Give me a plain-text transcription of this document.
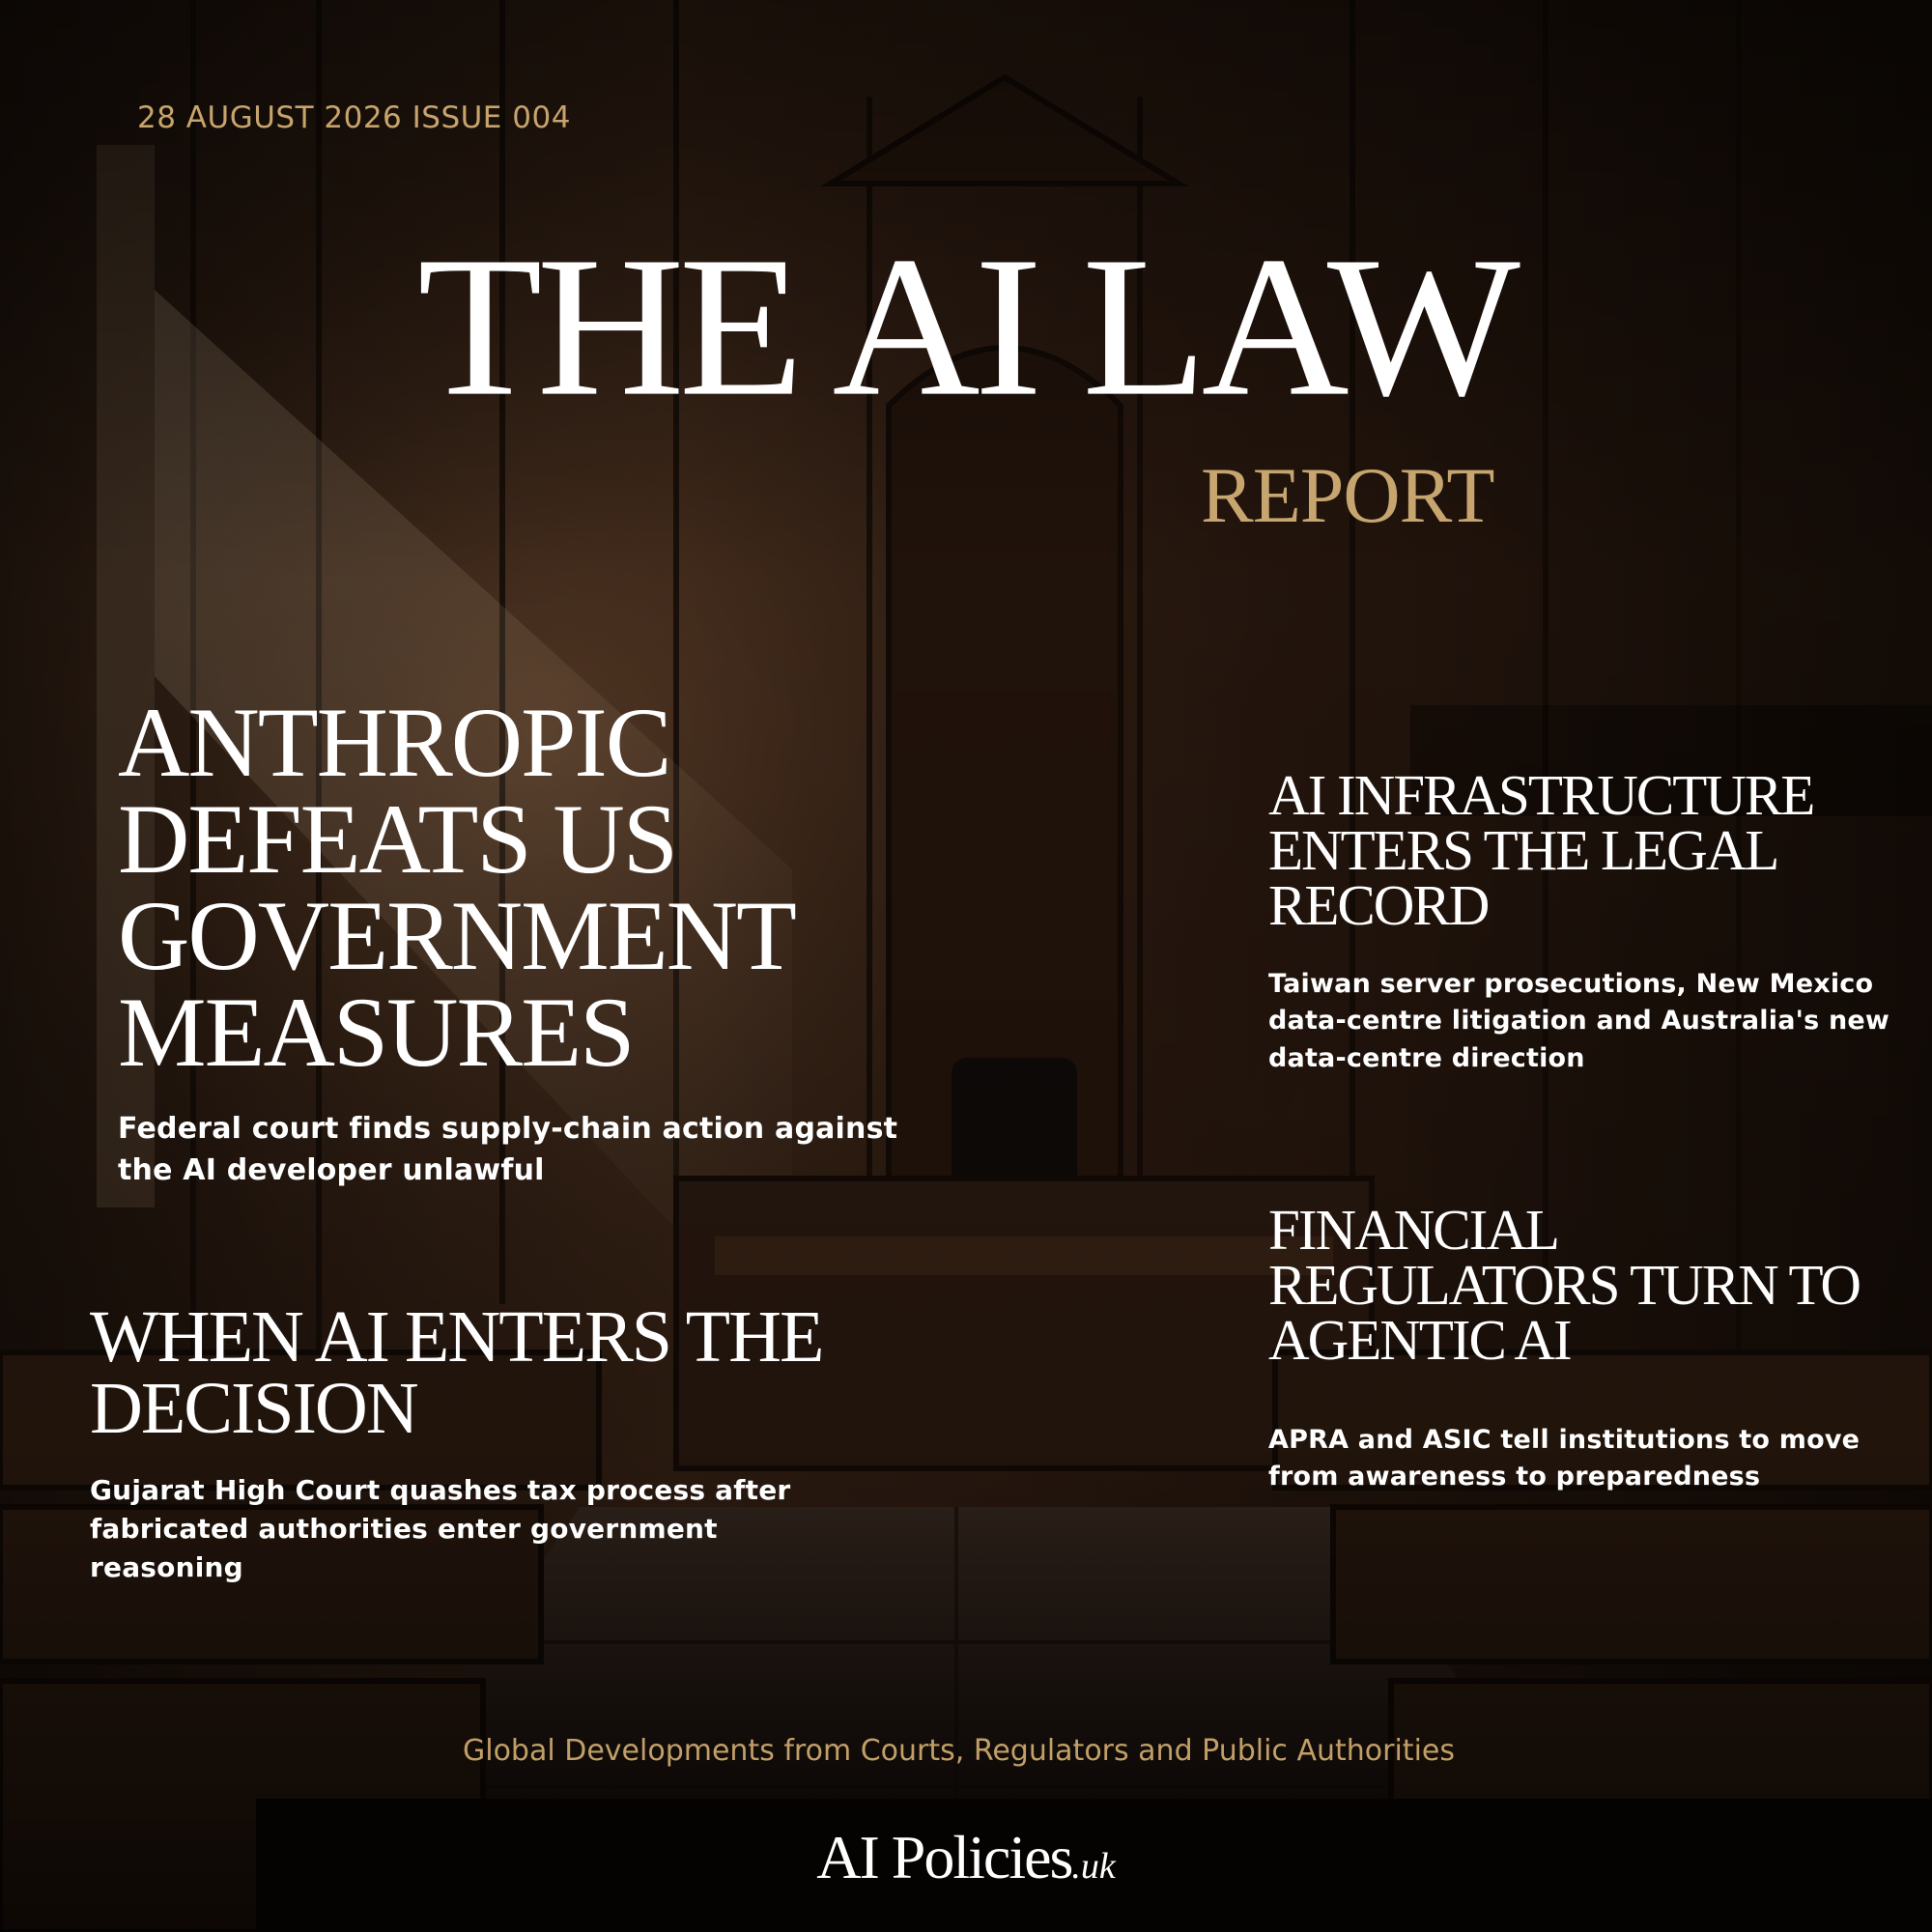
28 AUGUST 2026 ISSUE 004

THE AI LAW
REPORT
ANTHROPIC DEFEATS US GOVERNMENT MEASURES

Federal court finds supply-chain action against the AI developer unlawful

WHEN AI ENTERS THE DECISION

Gujarat High Court quashes tax process after fabricated authorities enter government reasoning

AI INFRASTRUCTURE ENTERS THE LEGAL RECORD

Taiwan server prosecutions, New Mexico data-centre litigation and Australia's new data-centre direction

FINANCIAL REGULATORS TURN TO AGENTIC AI

APRA and ASIC tell institutions to move from awareness to preparedness

Global Developments from Courts, Regulators and Public Authorities

AI Policies.uk
